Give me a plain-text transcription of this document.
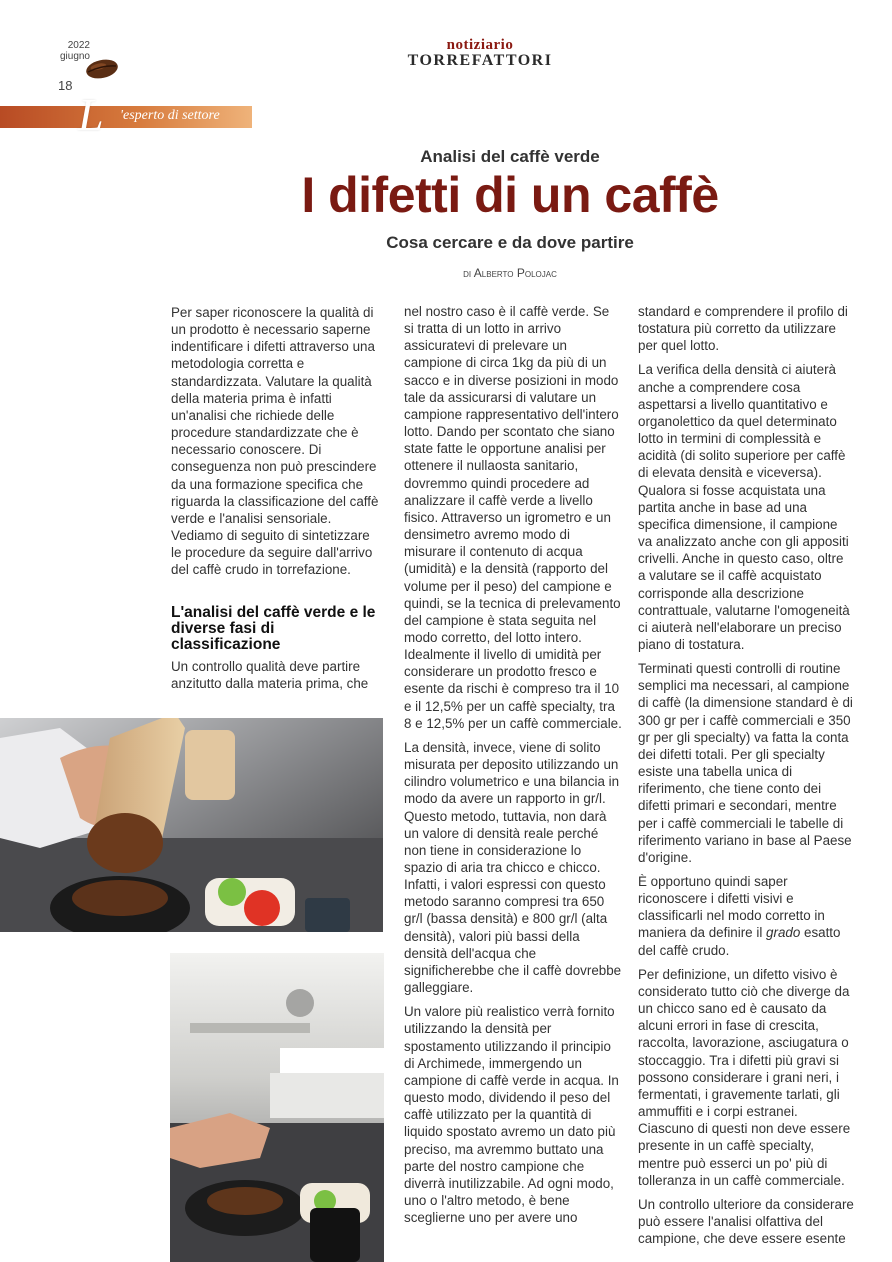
2022
giugno
18
notiziario
TORREFATTORI
L 'esperto di settore
Analisi del caffè verde
I difetti di un caffè
Cosa cercare e da dove partire
di Alberto Polojac

Per saper riconoscere la qualità di un prodotto è necessario saperne indentificare i difetti attraverso una metodologia corretta e standardizzata. Valutare la qualità della materia prima è infatti un'analisi che richiede delle procedure standardizzate che è necessario conoscere. Di conseguenza non può prescindere da una formazione specifica che riguarda la classificazione del caffè verde e l'analisi sensoriale. Vediamo di seguito di sintetizzare le procedure da seguire dall'arrivo del caffè crudo in torrefazione.

L'analisi del caffè verde e le diverse fasi di classificazione

Un controllo qualità deve partire anzitutto dalla materia prima, che

nel nostro caso è il caffè verde. Se si tratta di un lotto in arrivo assicuratevi di prelevare un campione di circa 1kg da più di un sacco e in diverse posizioni in modo tale da assicurarsi di valutare un campione rappresentativo dell'intero lotto. Dando per scontato che siano state fatte le opportune analisi per ottenere il nullaosta sanitario, dovremmo quindi procedere ad analizzare il caffè verde a livello fisico. Attraverso un igrometro e un densimetro avremo modo di misurare il contenuto di acqua (umidità) e la densità (rapporto del volume per il peso) del campione e quindi, se la tecnica di prelevamento del campione è stata seguita nel modo corretto, del lotto intero. Idealmente il livello di umidità per considerare un prodotto fresco e esente da rischi è compreso tra il 10 e il 12,5% per un caffè specialty, tra 8 e 12,5% per un caffè commerciale.

La densità, invece, viene di solito misurata per deposito utilizzando un cilindro volumetrico e una bilancia in modo da avere un rapporto in gr/l. Questo metodo, tuttavia, non darà un valore di densità reale perché non tiene in considerazione lo spazio di aria tra chicco e chicco. Infatti, i valori espressi con questo metodo saranno compresi tra 650 gr/l (bassa densità) e 800 gr/l (alta densità), valori più bassi della densità dell'acqua che significherebbe che il caffè dovrebbe galleggiare.

Un valore più realistico verrà fornito utilizzando la densità per spostamento utilizzando il principio di Archimede, immergendo un campione di caffè verde in acqua. In questo modo, dividendo il peso del caffè utilizzato per la quantità di liquido spostato avremo un dato più preciso, ma avremmo buttato una parte del nostro campione che diverrà inutilizzabile. Ad ogni modo, uno o l'altro metodo, è bene sceglierne uno per avere uno

standard e comprendere il profilo di tostatura più corretto da utilizzare per quel lotto.

La verifica della densità ci aiuterà anche a comprendere cosa aspettarsi a livello quantitativo e organolettico da quel determinato lotto in termini di complessità e acidità (di solito superiore per caffè di elevata densità e viceversa). Qualora si fosse acquistata una partita anche in base ad una specifica dimensione, il campione va analizzato anche con gli appositi crivelli. Anche in questo caso, oltre a valutare se il caffè acquistato corrisponde alla descrizione contrattuale, valutarne l'omogeneità ci aiuterà nell'elaborare un preciso piano di tostatura.

Terminati questi controlli di routine semplici ma necessari, al campione di caffè (la dimensione standard è di 300 gr per i caffè commerciali e 350 gr per gli specialty) va fatta la conta dei difetti totali. Per gli specialty esiste una tabella unica di riferimento, che tiene conto dei difetti primari e secondari, mentre per i caffè commerciali le tabelle di riferimento variano in base al Paese d'origine.

È opportuno quindi saper riconoscere i difetti visivi e classificarli nel modo corretto in maniera da definire il grado esatto del caffè crudo.

Per definizione, un difetto visivo è considerato tutto ciò che diverge da un chicco sano ed è causato da alcuni errori in fase di crescita, raccolta, lavorazione, asciugatura o stoccaggio. Tra i difetti più gravi si possono considerare i grani neri, i fermentati, i gravemente tarlati, gli ammuffiti e i corpi estranei. Ciascuno di questi non deve essere presente in un caffè specialty, mentre può esserci un po' più di tolleranza in un caffè commerciale.

Un controllo ulteriore da considerare può essere l'analisi olfattiva del campione, che deve essere esente
